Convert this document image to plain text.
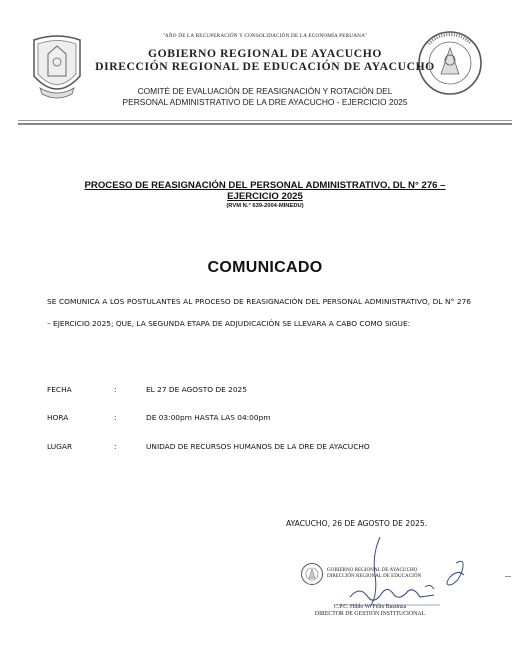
"AÑO DE LA RECUPERACIÓN Y CONSOLIDACIÓN DE LA ECONOMÍA PERUANA"
GOBIERNO REGIONAL DE AYACUCHO
DIRECCIÓN REGIONAL DE EDUCACIÓN DE AYACUCHO
COMITÉ DE EVALUACIÓN DE REASIGNACIÓN Y ROTACIÓN DEL
PERSONAL ADMINISTRATIVO DE LA DRE AYACUCHO - EJERCICIO 2025
PROCESO DE REASIGNACIÓN DEL PERSONAL ADMINISTRATIVO, DL N° 276 –
EJERCICIO 2025
(RVM N.° 639-2004-MINEDU)
COMUNICADO
SE COMUNICA A LOS POSTULANTES AL PROCESO DE REASIGNACIÓN DEL PERSONAL ADMINISTRATIVO, DL N° 276 – EJERCICIO 2025; QUE, LA SEGUNDA ETAPA DE ADJUDICACIÓN SE LLEVARA A CABO COMO SIGUE:
FECHA	:	EL 27 DE AGOSTO DE 2025
HORA	:	DE 03:00pm HASTA LAS 04:00pm
LUGAR	:	UNIDAD DE RECURSOS HUMANOS DE LA DRE DE AYACUCHO
AYACUCHO, 26 DE AGOSTO DE 2025.
GOBIERNO REGIONAL DE AYACUCHO
DIRECCIÓN REGIONAL DE EDUCACIÓN
C.P.C. Hildo W. Félix Bustinza
DIRECTOR DE GESTIÓN INSTITUCIONAL
